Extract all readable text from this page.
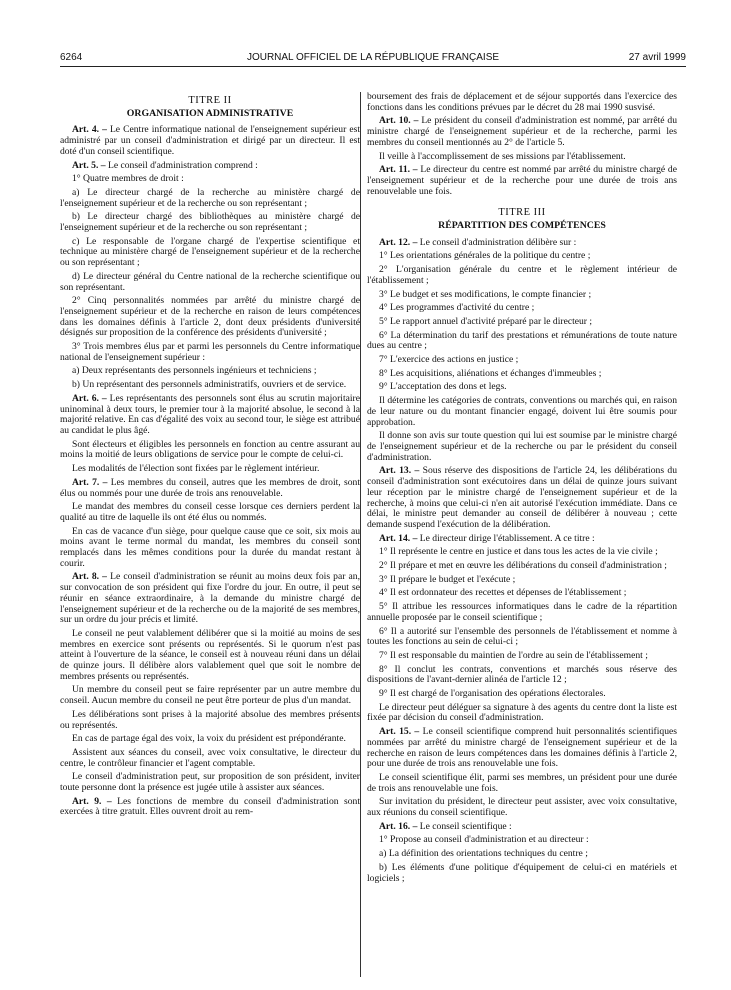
6264	JOURNAL OFFICIEL DE LA RÉPUBLIQUE FRANÇAISE	27 avril 1999
TITRE II
ORGANISATION ADMINISTRATIVE

Art. 4. – Le Centre informatique national de l'enseignement supérieur est administré par un conseil d'administration et dirigé par un directeur. Il est doté d'un conseil scientifique.

Art. 5. – Le conseil d'administration comprend :

1° Quatre membres de droit :

a) Le directeur chargé de la recherche au ministère chargé de l'enseignement supérieur et de la recherche ou son représentant ;

b) Le directeur chargé des bibliothèques au ministère chargé de l'enseignement supérieur et de la recherche ou son représentant ;

c) Le responsable de l'organe chargé de l'expertise scientifique et technique au ministère chargé de l'enseignement supérieur et de la recherche ou son représentant ;

d) Le directeur général du Centre national de la recherche scientifique ou son représentant.

2° Cinq personnalités nommées par arrêté du ministre chargé de l'enseignement supérieur et de la recherche en raison de leurs compétences dans les domaines définis à l'article 2, dont deux présidents d'université désignés sur proposition de la conférence des présidents d'université ;

3° Trois membres élus par et parmi les personnels du Centre informatique national de l'enseignement supérieur :

a) Deux représentants des personnels ingénieurs et techniciens ;

b) Un représentant des personnels administratifs, ouvriers et de service.

Art. 6. – Les représentants des personnels sont élus au scrutin majoritaire uninominal à deux tours, le premier tour à la majorité absolue, le second à la majorité relative. En cas d'égalité des voix au second tour, le siège est attribué au candidat le plus âgé.

Sont électeurs et éligibles les personnels en fonction au centre assurant au moins la moitié de leurs obligations de service pour le compte de celui-ci.

Les modalités de l'élection sont fixées par le règlement intérieur.

Art. 7. – Les membres du conseil, autres que les membres de droit, sont élus ou nommés pour une durée de trois ans renouvelable.

Le mandat des membres du conseil cesse lorsque ces derniers perdent la qualité au titre de laquelle ils ont été élus ou nommés.

En cas de vacance d'un siège, pour quelque cause que ce soit, six mois au moins avant le terme normal du mandat, les membres du conseil sont remplacés dans les mêmes conditions pour la durée du mandat restant à courir.

Art. 8. – Le conseil d'administration se réunit au moins deux fois par an, sur convocation de son président qui fixe l'ordre du jour. En outre, il peut se réunir en séance extraordinaire, à la demande du ministre chargé de l'enseignement supérieur et de la recherche ou de la majorité de ses membres, sur un ordre du jour précis et limité.

Le conseil ne peut valablement délibérer que si la moitié au moins de ses membres en exercice sont présents ou représentés. Si le quorum n'est pas atteint à l'ouverture de la séance, le conseil est à nouveau réuni dans un délai de quinze jours. Il délibère alors valablement quel que soit le nombre de membres présents ou représentés.

Un membre du conseil peut se faire représenter par un autre membre du conseil. Aucun membre du conseil ne peut être porteur de plus d'un mandat.

Les délibérations sont prises à la majorité absolue des membres présents ou représentés.

En cas de partage égal des voix, la voix du président est prépondérante.

Assistent aux séances du conseil, avec voix consultative, le directeur du centre, le contrôleur financier et l'agent comptable.

Le conseil d'administration peut, sur proposition de son président, inviter toute personne dont la présence est jugée utile à assister aux séances.

Art. 9. – Les fonctions de membre du conseil d'administration sont exercées à titre gratuit. Elles ouvrent droit au rem-

boursement des frais de déplacement et de séjour supportés dans l'exercice des fonctions dans les conditions prévues par le décret du 28 mai 1990 susvisé.

Art. 10. – Le président du conseil d'administration est nommé, par arrêté du ministre chargé de l'enseignement supérieur et de la recherche, parmi les membres du conseil mentionnés au 2° de l'article 5.

Il veille à l'accomplissement de ses missions par l'établissement.

Art. 11. – Le directeur du centre est nommé par arrêté du ministre chargé de l'enseignement supérieur et de la recherche pour une durée de trois ans renouvelable une fois.

TITRE III
RÉPARTITION DES COMPÉTENCES

Art. 12. – Le conseil d'administration délibère sur :

1° Les orientations générales de la politique du centre ;

2° L'organisation générale du centre et le règlement intérieur de l'établissement ;

3° Le budget et ses modifications, le compte financier ;

4° Les programmes d'activité du centre ;

5° Le rapport annuel d'activité préparé par le directeur ;

6° La détermination du tarif des prestations et rémunérations de toute nature dues au centre ;

7° L'exercice des actions en justice ;

8° Les acquisitions, aliénations et échanges d'immeubles ;

9° L'acceptation des dons et legs.

Il détermine les catégories de contrats, conventions ou marchés qui, en raison de leur nature ou du montant financier engagé, doivent lui être soumis pour approbation.

Il donne son avis sur toute question qui lui est soumise par le ministre chargé de l'enseignement supérieur et de la recherche ou par le président du conseil d'administration.

Art. 13. – Sous réserve des dispositions de l'article 24, les délibérations du conseil d'administration sont exécutoires dans un délai de quinze jours suivant leur réception par le ministre chargé de l'enseignement supérieur et de la recherche, à moins que celui-ci n'en ait autorisé l'exécution immédiate. Dans ce délai, le ministre peut demander au conseil de délibérer à nouveau ; cette demande suspend l'exécution de la délibération.

Art. 14. – Le directeur dirige l'établissement. A ce titre :

1° Il représente le centre en justice et dans tous les actes de la vie civile ;

2° Il prépare et met en œuvre les délibérations du conseil d'administration ;

3° Il prépare le budget et l'exécute ;

4° Il est ordonnateur des recettes et dépenses de l'établissement ;

5° Il attribue les ressources informatiques dans le cadre de la répartition annuelle proposée par le conseil scientifique ;

6° Il a autorité sur l'ensemble des personnels de l'établissement et nomme à toutes les fonctions au sein de celui-ci ;

7° Il est responsable du maintien de l'ordre au sein de l'établissement ;

8° Il conclut les contrats, conventions et marchés sous réserve des dispositions de l'avant-dernier alinéa de l'article 12 ;

9° Il est chargé de l'organisation des opérations électorales.

Le directeur peut déléguer sa signature à des agents du centre dont la liste est fixée par décision du conseil d'administration.

Art. 15. – Le conseil scientifique comprend huit personnalités scientifiques nommées par arrêté du ministre chargé de l'enseignement supérieur et de la recherche en raison de leurs compétences dans les domaines définis à l'article 2, pour une durée de trois ans renouvelable une fois.

Le conseil scientifique élit, parmi ses membres, un président pour une durée de trois ans renouvelable une fois.

Sur invitation du président, le directeur peut assister, avec voix consultative, aux réunions du conseil scientifique.

Art. 16. – Le conseil scientifique :

1° Propose au conseil d'administration et au directeur :

a) La définition des orientations techniques du centre ;

b) Les éléments d'une politique d'équipement de celui-ci en matériels et logiciels ;
